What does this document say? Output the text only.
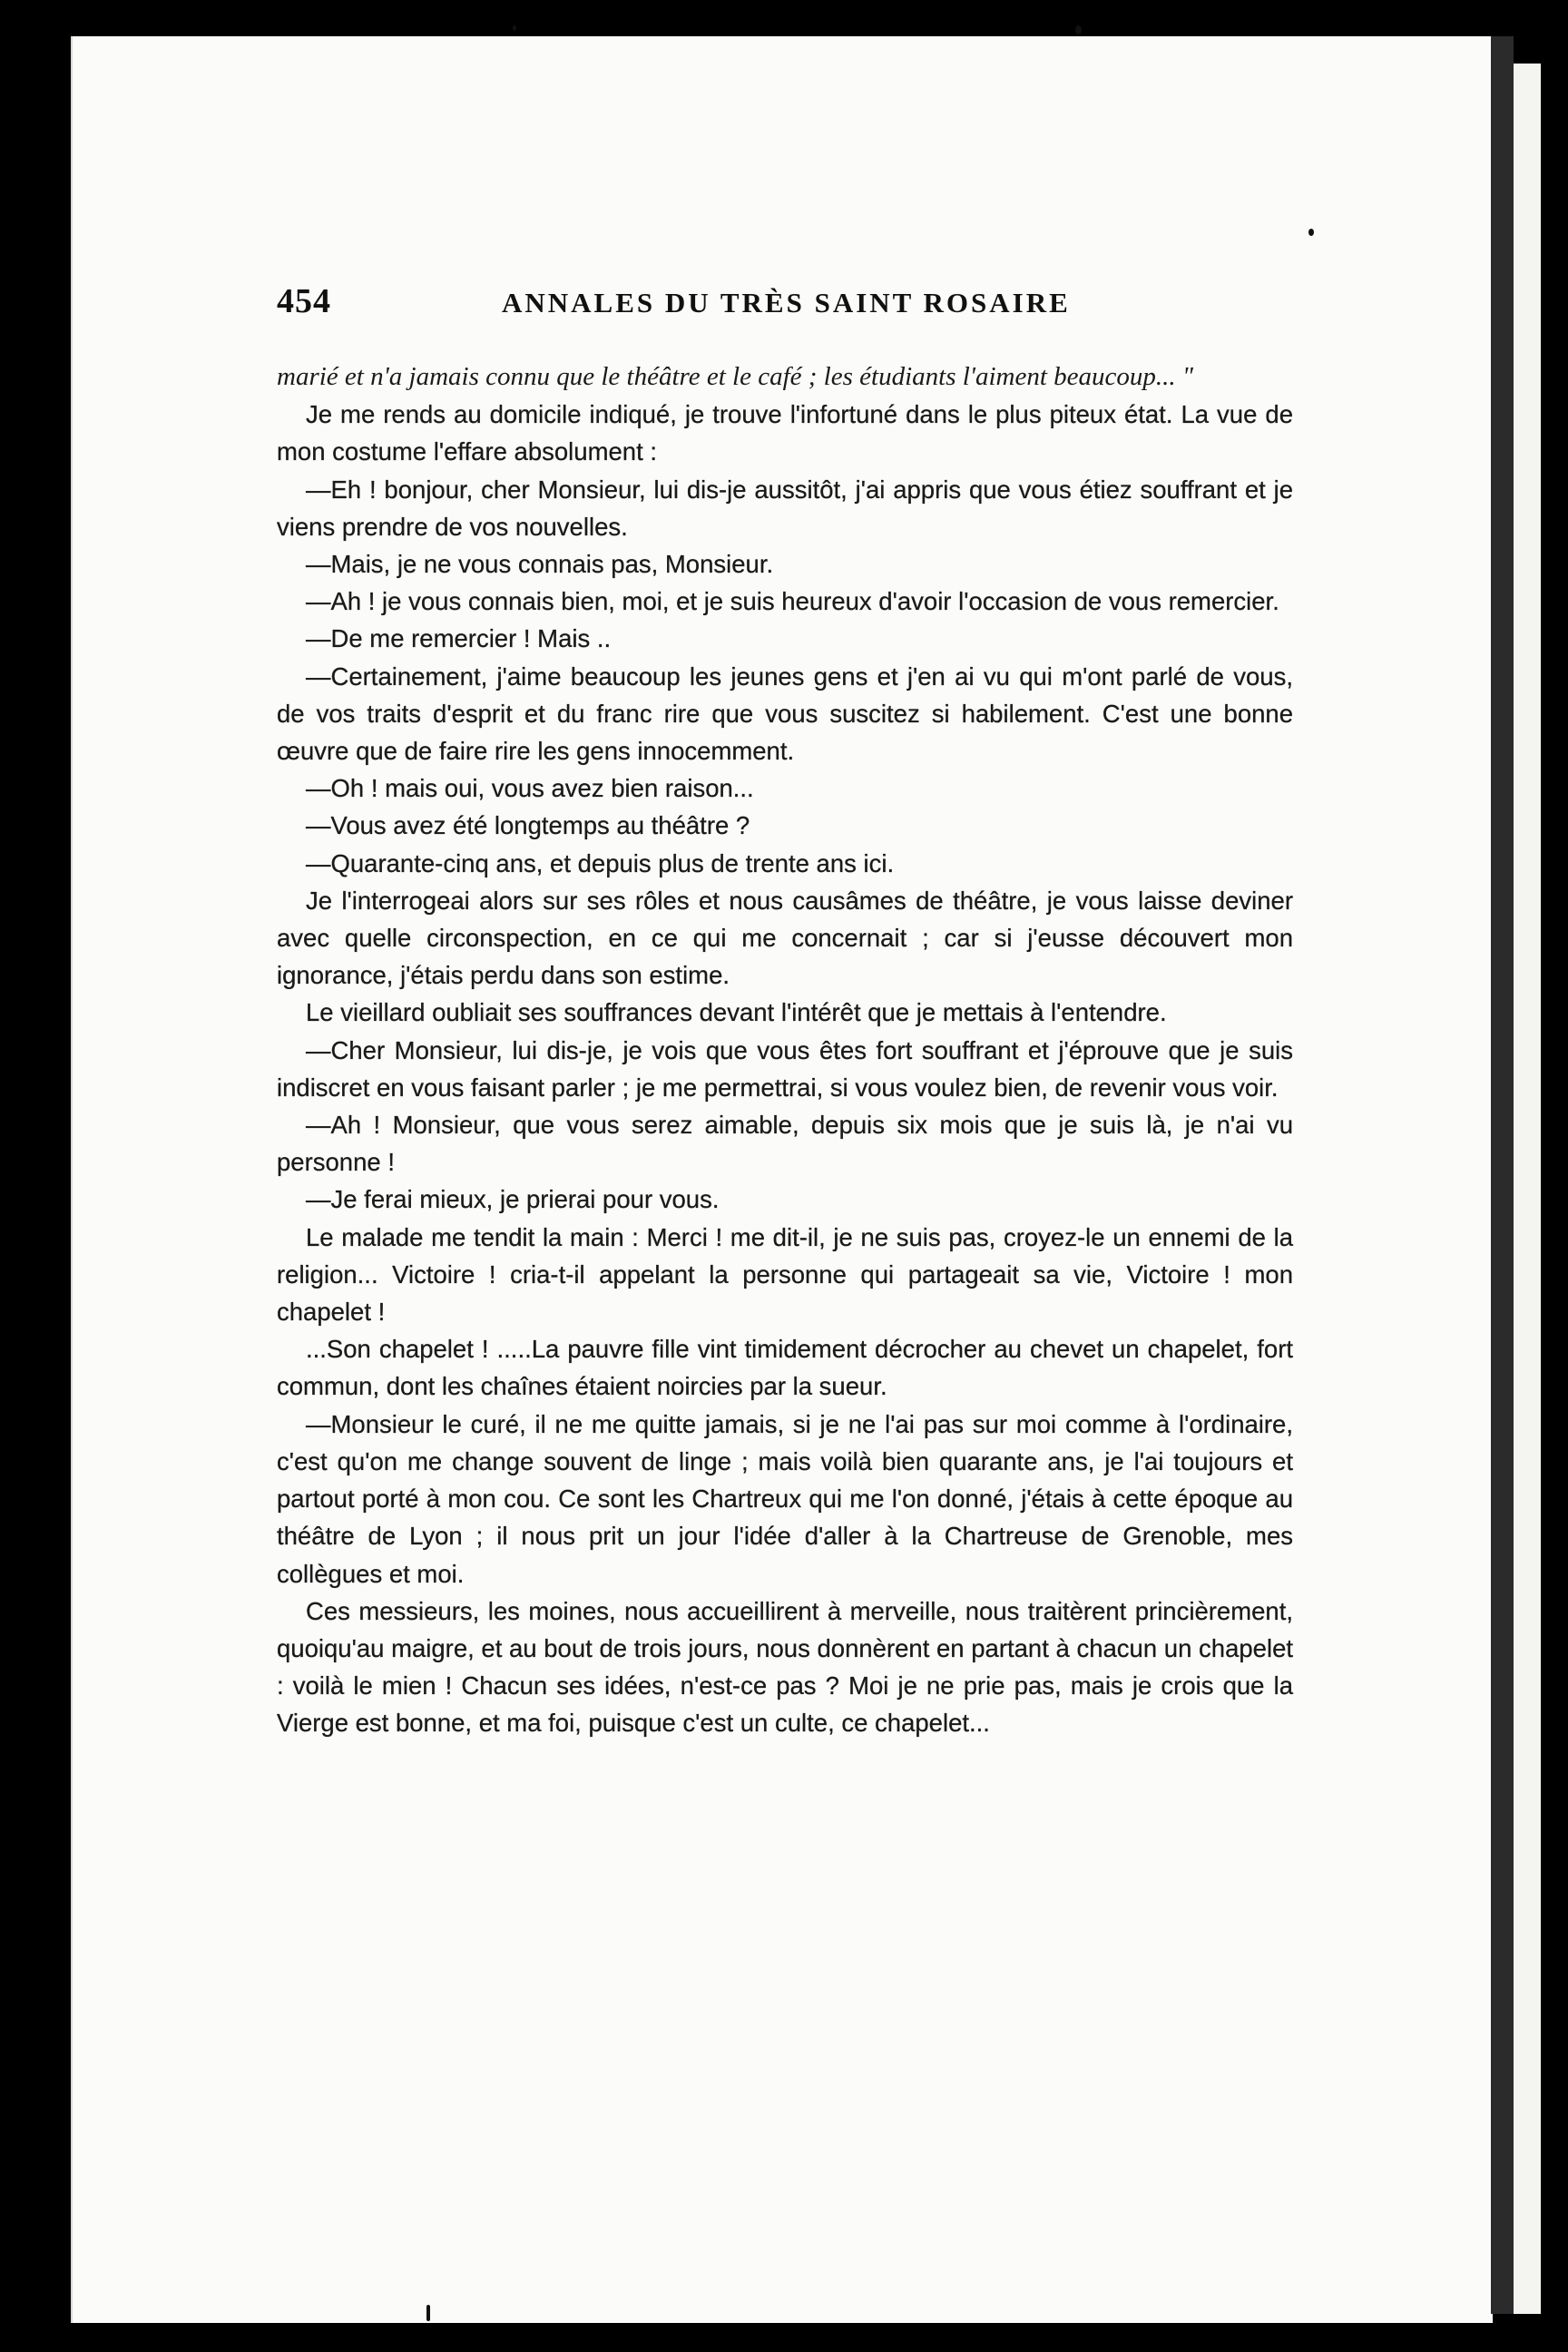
454	ANNALES DU TRÈS SAINT ROSAIRE

marié et n'a jamais connu que le théâtre et le café ; les étudiants l'aiment beaucoup... "

Je me rends au domicile indiqué, je trouve l'infortuné dans le plus piteux état. La vue de mon costume l'effare absolument :

—Eh ! bonjour, cher Monsieur, lui dis-je aussitôt, j'ai appris que vous étiez souffrant et je viens prendre de vos nouvelles.

—Mais, je ne vous connais pas, Monsieur.

—Ah ! je vous connais bien, moi, et je suis heureux d'avoir l'occasion de vous remercier.

—De me remercier ! Mais ..

—Certainement, j'aime beaucoup les jeunes gens et j'en ai vu qui m'ont parlé de vous, de vos traits d'esprit et du franc rire que vous suscitez si habilement. C'est une bonne œuvre que de faire rire les gens innocemment.

—Oh ! mais oui, vous avez bien raison...

—Vous avez été longtemps au théâtre ?

—Quarante-cinq ans, et depuis plus de trente ans ici.

Je l'interrogeai alors sur ses rôles et nous causâmes de théâtre, je vous laisse deviner avec quelle circonspection, en ce qui me concernait ; car si j'eusse découvert mon ignorance, j'étais perdu dans son estime.

Le vieillard oubliait ses souffrances devant l'intérêt que je mettais à l'entendre.

—Cher Monsieur, lui dis-je, je vois que vous êtes fort souffrant et j'éprouve que je suis indiscret en vous faisant parler ; je me permettrai, si vous voulez bien, de revenir vous voir.

—Ah ! Monsieur, que vous serez aimable, depuis six mois que je suis là, je n'ai vu personne !

—Je ferai mieux, je prierai pour vous.

Le malade me tendit la main : Merci ! me dit-il, je ne suis pas, croyez-le un ennemi de la religion... Victoire ! cria-t-il appelant la personne qui partageait sa vie, Victoire ! mon chapelet !

...Son chapelet ! .....La pauvre fille vint timidement décrocher au chevet un chapelet, fort commun, dont les chaînes étaient noircies par la sueur.

—Monsieur le curé, il ne me quitte jamais, si je ne l'ai pas sur moi comme à l'ordinaire, c'est qu'on me change souvent de linge ; mais voilà bien quarante ans, je l'ai toujours et partout porté à mon cou. Ce sont les Chartreux qui me l'on donné, j'étais à cette époque au théâtre de Lyon ; il nous prit un jour l'idée d'aller à la Chartreuse de Grenoble, mes collègues et moi.

Ces messieurs, les moines, nous accueillirent à merveille, nous traitèrent princièrement, quoiqu'au maigre, et au bout de trois jours, nous donnèrent en partant à chacun un chapelet : voilà le mien ! Chacun ses idées, n'est-ce pas ? Moi je ne prie pas, mais je crois que la Vierge est bonne, et ma foi, puisque c'est un culte, ce chapelet...
